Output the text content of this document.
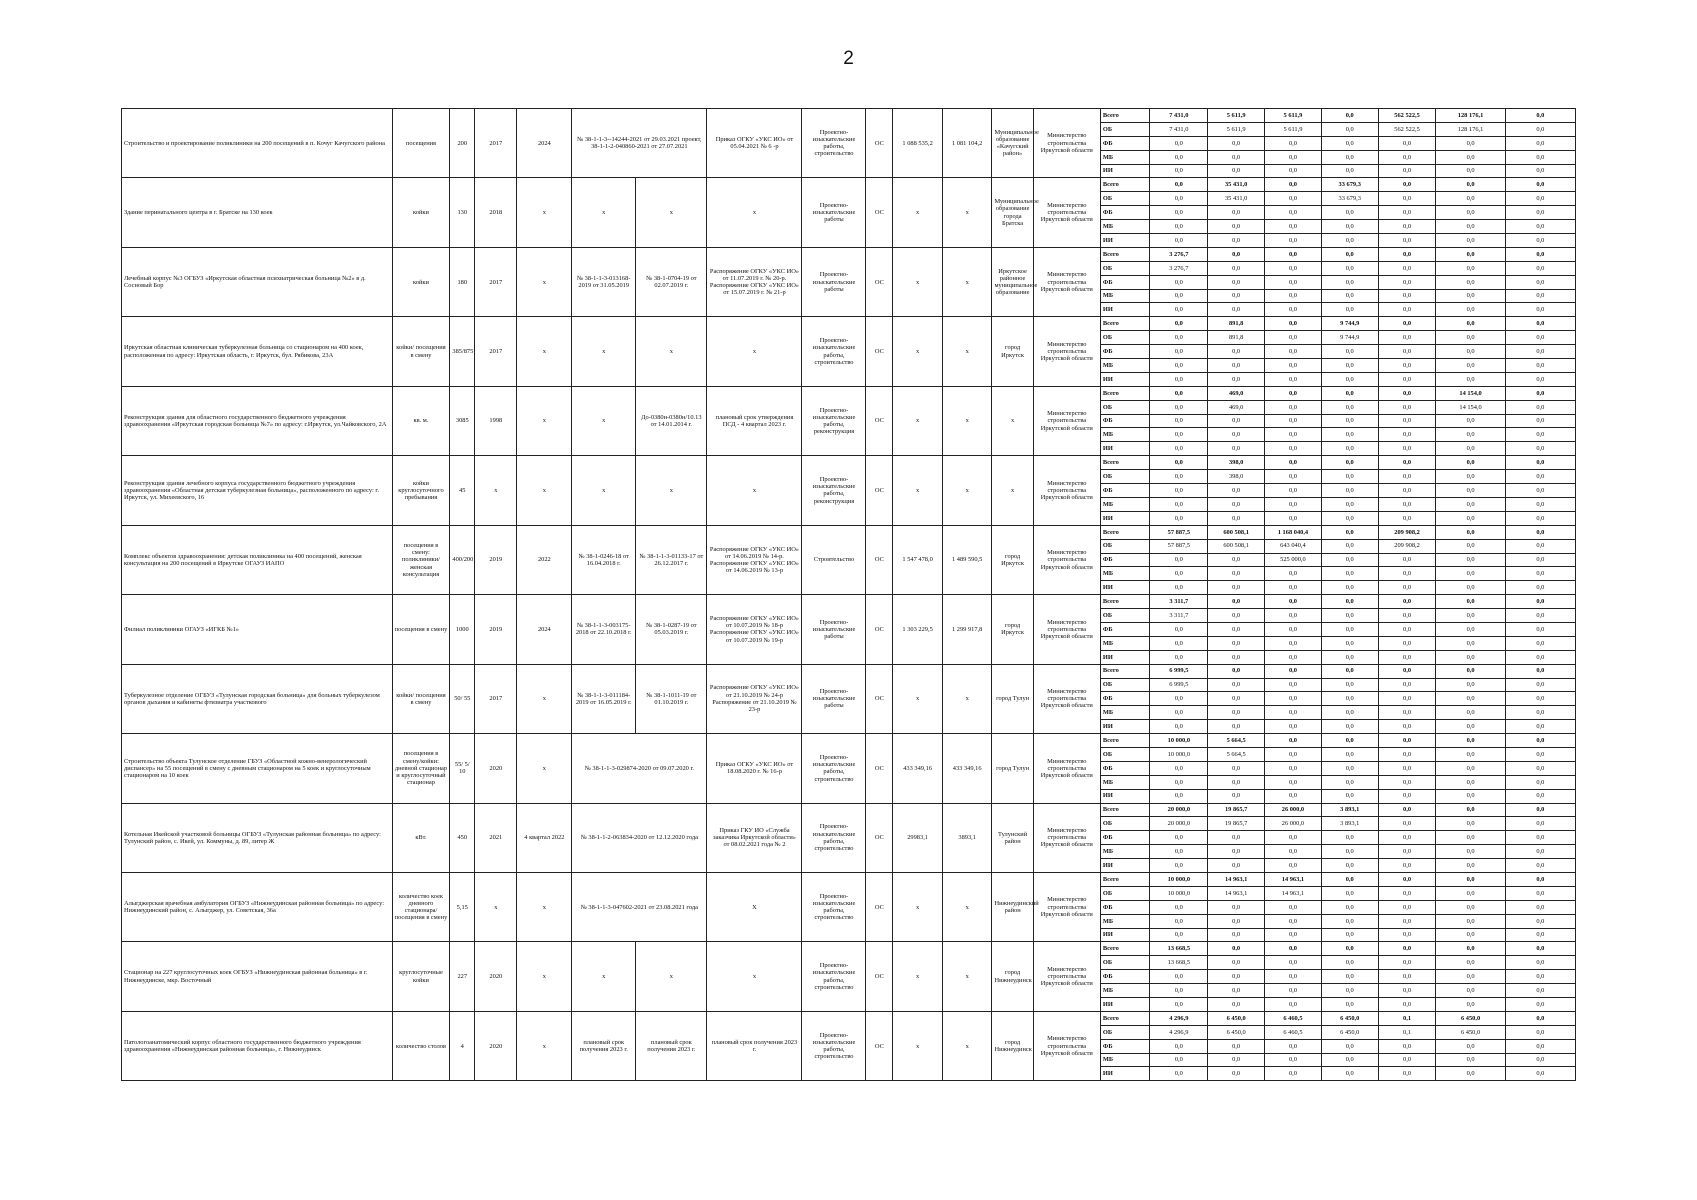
2
Строительство и проектирование поликлиники на 200 посещений в п. Кочуг Качугского района	посещения	200	2017	2024	№ 38-1-1-3--14244-2021 от 29.03.2021 проект, 38-1-1-2-040860-2021 от 27.07.2021		Приказ ОГКУ «УКС ИО» от 05.04.2021 № 6 -р	Проектно-изыскательские работы, строительство	ОС	1 088 535,2	1 081 104,2	Муниципальное образование «Качугский район»	Министерство строительства Иркутской области	Всего	7 431,0	5 611,9	5 611,9	0,0	562 522,5	128 176,1	0,0
														ОБ	7 431,0	5 611,9	5 611,9	0,0	562 522,5	128 176,1	0,0
														ФБ	0,0	0,0	0,0	0,0	0,0	0,0	0,0
														МБ	0,0	0,0	0,0	0,0	0,0	0,0	0,0
														ИИ	0,0	0,0	0,0	0,0	0,0	0,0	0,0
Здание перинатального центра в г. Братске на 130 коек	койки	130	2018	х	х	х	х	Проектно-изыскательские работы	ОС	х	х	Муниципальное образование города Братска	Министерство строительства Иркутской области	Всего	0,0	35 431,0	0,0	33 679,3	0,0	0,0	0,0
														ОБ	0,0	35 431,0	0,0	33 679,3	0,0	0,0	0,0
														ФБ	0,0	0,0	0,0	0,0	0,0	0,0	0,0
														МБ	0,0	0,0	0,0	0,0	0,0	0,0	0,0
														ИИ	0,0	0,0	0,0	0,0	0,0	0,0	0,0
Лечебный корпус №3 ОГБУЗ «Иркутская областная психиатрическая больница №2» в д. Сосновый Бор	койки	180	2017	х	№ 38-1-1-3-013168-2019 от 31.05.2019	№ 38-1-0704-19 от 02.07.2019 г.	Распоряжение ОГКУ «УКС ИО» от 11.07.2019 г. № 20-р. Распоряжение ОГКУ «УКС ИО» от 15.07.2019 г. № 21-р	Проектно-изыскательские работы	ОС	х	х	Иркутское районное муниципальное образование	Министерство строительства Иркутской области	Всего	3 276,7	0,0	0,0	0,0	0,0	0,0	0,0
														ОБ	3 276,7	0,0	0,0	0,0	0,0	0,0	0,0
														ФБ	0,0	0,0	0,0	0,0	0,0	0,0	0,0
														МБ	0,0	0,0	0,0	0,0	0,0	0,0	0,0
														ИИ	0,0	0,0	0,0	0,0	0,0	0,0	0,0
Иркутская областная клиническая туберкулезная больница со стационаром на 400 коек, расположенная по адресу: Иркутская область, г. Иркутск, бул. Рябикова, 23А	койки/ посещения в смену	385/875	2017	х	х	х	х	Проектно-изыскательские работы, строительство	ОС	х	х	город Иркутск	Министерство строительства Иркутской области	Всего	0,0	891,8	0,0	9 744,9	0,0	0,0	0,0
														ОБ	0,0	891,8	0,0	9 744,9	0,0	0,0	0,0
														ФБ	0,0	0,0	0,0	0,0	0,0	0,0	0,0
														МБ	0,0	0,0	0,0	0,0	0,0	0,0	0,0
														ИИ	0,0	0,0	0,0	0,0	0,0	0,0	0,0
Реконструкция здания для областного государственного бюджетного учреждения здравоохранения «Иркутская городская больница №7» по адресу: г.Иркутск, ул.Чайковского, 2А	кв. м.	3085	1998	х	х	До-0380н-0380н/10.13 от 14.01.2014 г.	плановый срок утверждения ПСД - 4 квартал 2023 г.	Проектно-изыскательские работы, реконструкция	ОС	х	х	х	Министерство строительства Иркутской области	Всего	0,0	469,0	0,0	0,0	0,0	14 154,0	0,0
														ОБ	0,0	469,0	0,0	0,0	0,0	14 154,0	0,0
														ФБ	0,0	0,0	0,0	0,0	0,0	0,0	0,0
														МБ	0,0	0,0	0,0	0,0	0,0	0,0	0,0
														ИИ	0,0	0,0	0,0	0,0	0,0	0,0	0,0
Реконструкция здания лечебного корпуса государственного бюджетного учреждения здравоохранения «Областная детская туберкулезная больница», расположенного по адресу: г. Иркутск, ул. Михеевского, 16	койки круглосуточного пребывания	45	х	х	х	х	х	Проектно-изыскательские работы, реконструкция	ОС	х	х	х	Министерство строительства Иркутской области	Всего	0,0	398,0	0,0	0,0	0,0	0,0	0,0
														ОБ	0,0	398,0	0,0	0,0	0,0	0,0	0,0
														ФБ	0,0	0,0	0,0	0,0	0,0	0,0	0,0
														МБ	0,0	0,0	0,0	0,0	0,0	0,0	0,0
														ИИ	0,0	0,0	0,0	0,0	0,0	0,0	0,0
Комплекс объектов здравоохранения: детская поликлиника на 400 посещений, женская консультация на 200 посещений в Иркутске ОГАУЗ ИАПО	посещения в смену: поликлиники/ женская консультация	400/200	2019	2022	№ 38-1-0246-18 от 16.04.2018 г.	№ 38-1-1-3-01133-17 от 26.12.2017 г.	Распоряжение ОГКУ «УКС ИО» от 14.06.2019 № 14-р. Распоряжение ОГКУ «УКС ИО» от 14.06.2019 № 13-р	Строительство	ОС	1 547 478,0	1 489 590,5	город Иркутск	Министерство строительства Иркутской области	Всего	57 887,5	600 508,1	1 168 040,4	0,0	209 908,2	0,0	0,0
														ОБ	57 887,5	600 508,1	643 040,4	0,0	209 908,2	0,0	0,0
														ФБ	0,0	0,0	525 000,0	0,0	0,0	0,0	0,0
														МБ	0,0	0,0	0,0	0,0	0,0	0,0	0,0
														ИИ	0,0	0,0	0,0	0,0	0,0	0,0	0,0
Филиал поликлиники ОГАУЗ «ИГКБ №1»	посещения в смену	1000	2019	2024	№ 38-1-1-3-003175-2018 от 22.10.2018 г.	№ 38-1-0287-19 от 05.03.2019 г.	Распоряжение ОГКУ «УКС ИО» от 10.07.2019 № 18-р Распоряжение ОГКУ «УКС ИО» от 10.07.2019 № 19-р	Проектно-изыскательские работы	ОС	1 303 229,5	1 299 917,8	город Иркутск	Министерство строительства Иркутской области	Всего	3 311,7	0,0	0,0	0,0	0,0	0,0	0,0
														ОБ	3 311,7	0,0	0,0	0,0	0,0	0,0	0,0
														ФБ	0,0	0,0	0,0	0,0	0,0	0,0	0,0
														МБ	0,0	0,0	0,0	0,0	0,0	0,0	0,0
														ИИ	0,0	0,0	0,0	0,0	0,0	0,0	0,0
Туберкулезное отделение ОГБУЗ «Тулунская городская больница» для больных туберкулезом органов дыхания и кабинеты фтизиатра участкового	койки/ посещения в смену	50/ 55	2017	х	№ 38-1-1-3-011184-2019 от 16.05.2019 г.	№ 38-1-1011-19 от 01.10.2019 г.	Распоряжение ОГКУ «УКС ИО» от 21.10.2019 № 24-р Распоряжение от 21.10.2019 № 23-р	Проектно-изыскательские работы	ОС	х	х	город Тулун	Министерство строительства Иркутской области	Всего	6 999,5	0,0	0,0	0,0	0,0	0,0	0,0
														ОБ	6 999,5	0,0	0,0	0,0	0,0	0,0	0,0
														ФБ	0,0	0,0	0,0	0,0	0,0	0,0	0,0
														МБ	0,0	0,0	0,0	0,0	0,0	0,0	0,0
														ИИ	0,0	0,0	0,0	0,0	0,0	0,0	0,0
Строительство объекта Тулунское отделение ГБУЗ «Областной кожно-венерологический диспансер» на 55 посещений в смену с дневным стационаром на 5 коек и круглосуточным стационаром на 10 коек	посещения в смену/койки: дневной стационар и круглосуточный стационар	55/ 5/ 10	2020	х	№ 38-1-1-3-029874-2020 от 09.07.2020 г.		Приказ ОГКУ «УКС ИО» от 18.08.2020 г. № 16-р	Проектно-изыскательские работы, строительство	ОС	433 349,16	433 349,16	город Тулун	Министерство строительства Иркутской области	Всего	10 000,0	5 664,5	0,0	0,0	0,0	0,0	0,0
														ОБ	10 000,0	5 664,5	0,0	0,0	0,0	0,0	0,0
														ФБ	0,0	0,0	0,0	0,0	0,0	0,0	0,0
														МБ	0,0	0,0	0,0	0,0	0,0	0,0	0,0
														ИИ	0,0	0,0	0,0	0,0	0,0	0,0	0,0
Котельная Икейской участковой больницы ОГБУЗ «Тулунская районная больница» по адресу: Тулунский район, с. Икей, ул. Коммуны, д. 89, литер Ж	кВт.	450	2021	4 квартал 2022	№ 38-1-1-2-063834-2020 от 12.12.2020 года		Приказ ГКУ ИО «Служба заказчика Иркутской области» от 08.02.2021 года № 2	Проектно-изыскательские работы, строительство	ОС	29983,1	3893,1	Тулунский район	Министерство строительства Иркутской области	Всего	20 000,0	19 865,7	26 000,0	3 893,1	0,0	0,0	0,0
														ОБ	20 000,0	19 865,7	26 000,0	3 893,1	0,0	0,0	0,0
														ФБ	0,0	0,0	0,0	0,0	0,0	0,0	0,0
														МБ	0,0	0,0	0,0	0,0	0,0	0,0	0,0
														ИИ	0,0	0,0	0,0	0,0	0,0	0,0	0,0
Алыгджерская врачебная амбулатория ОГБУЗ «Нижнеудинская районная больница» по адресу: Нижнеудинский район, с. Алыгджер, ул. Советская, 36а	количество коек дневного стационара/ посещения в смену	5,15	х	х	№ 38-1-1-3-047602-2021 от 23.08.2021 года		Х	Проектно-изыскательские работы, строительство	ОС	х	х	Нижнеудинский район	Министерство строительства Иркутской области	Всего	10 000,0	14 963,1	14 963,1	0,0	0,0	0,0	0,0
														ОБ	10 000,0	14 963,1	14 963,1	0,0	0,0	0,0	0,0
														ФБ	0,0	0,0	0,0	0,0	0,0	0,0	0,0
														МБ	0,0	0,0	0,0	0,0	0,0	0,0	0,0
														ИИ	0,0	0,0	0,0	0,0	0,0	0,0	0,0
Стационар на 227 круглосуточных коек ОГБУЗ «Нижнеудинская районная больница» в г. Нижнеудинске, мкр. Восточный	круглосуточные койки	227	2020	х	х	х	х	Проектно-изыскательские работы, строительство	ОС	х	х	город Нижнеудинск	Министерство строительства Иркутской области	Всего	13 668,5	0,0	0,0	0,0	0,0	0,0	0,0
														ОБ	13 668,5	0,0	0,0	0,0	0,0	0,0	0,0
														ФБ	0,0	0,0	0,0	0,0	0,0	0,0	0,0
														МБ	0,0	0,0	0,0	0,0	0,0	0,0	0,0
														ИИ	0,0	0,0	0,0	0,0	0,0	0,0	0,0
Патологоанатомический корпус областного государственного бюджетного учреждения здравоохранения «Нижнеудинская районная больница», г. Нижнеудинск	количество столов	4	2020	х	плановый срок получения 2023 г.	плановый срок получения 2023 г.	плановый срок получения 2023 г.	Проектно-изыскательские работы, строительство	ОС	х	х	город Нижнеудинск	Министерство строительства Иркутской области	Всего	4 296,9	6 450,0	6 460,5	6 450,0	0,1	6 450,0	0,0
														ОБ	4 296,9	6 450,0	6 460,5	6 450,0	0,1	6 450,0	0,0
														ФБ	0,0	0,0	0,0	0,0	0,0	0,0	0,0
														МБ	0,0	0,0	0,0	0,0	0,0	0,0	0,0
														ИИ	0,0	0,0	0,0	0,0	0,0	0,0	0,0
